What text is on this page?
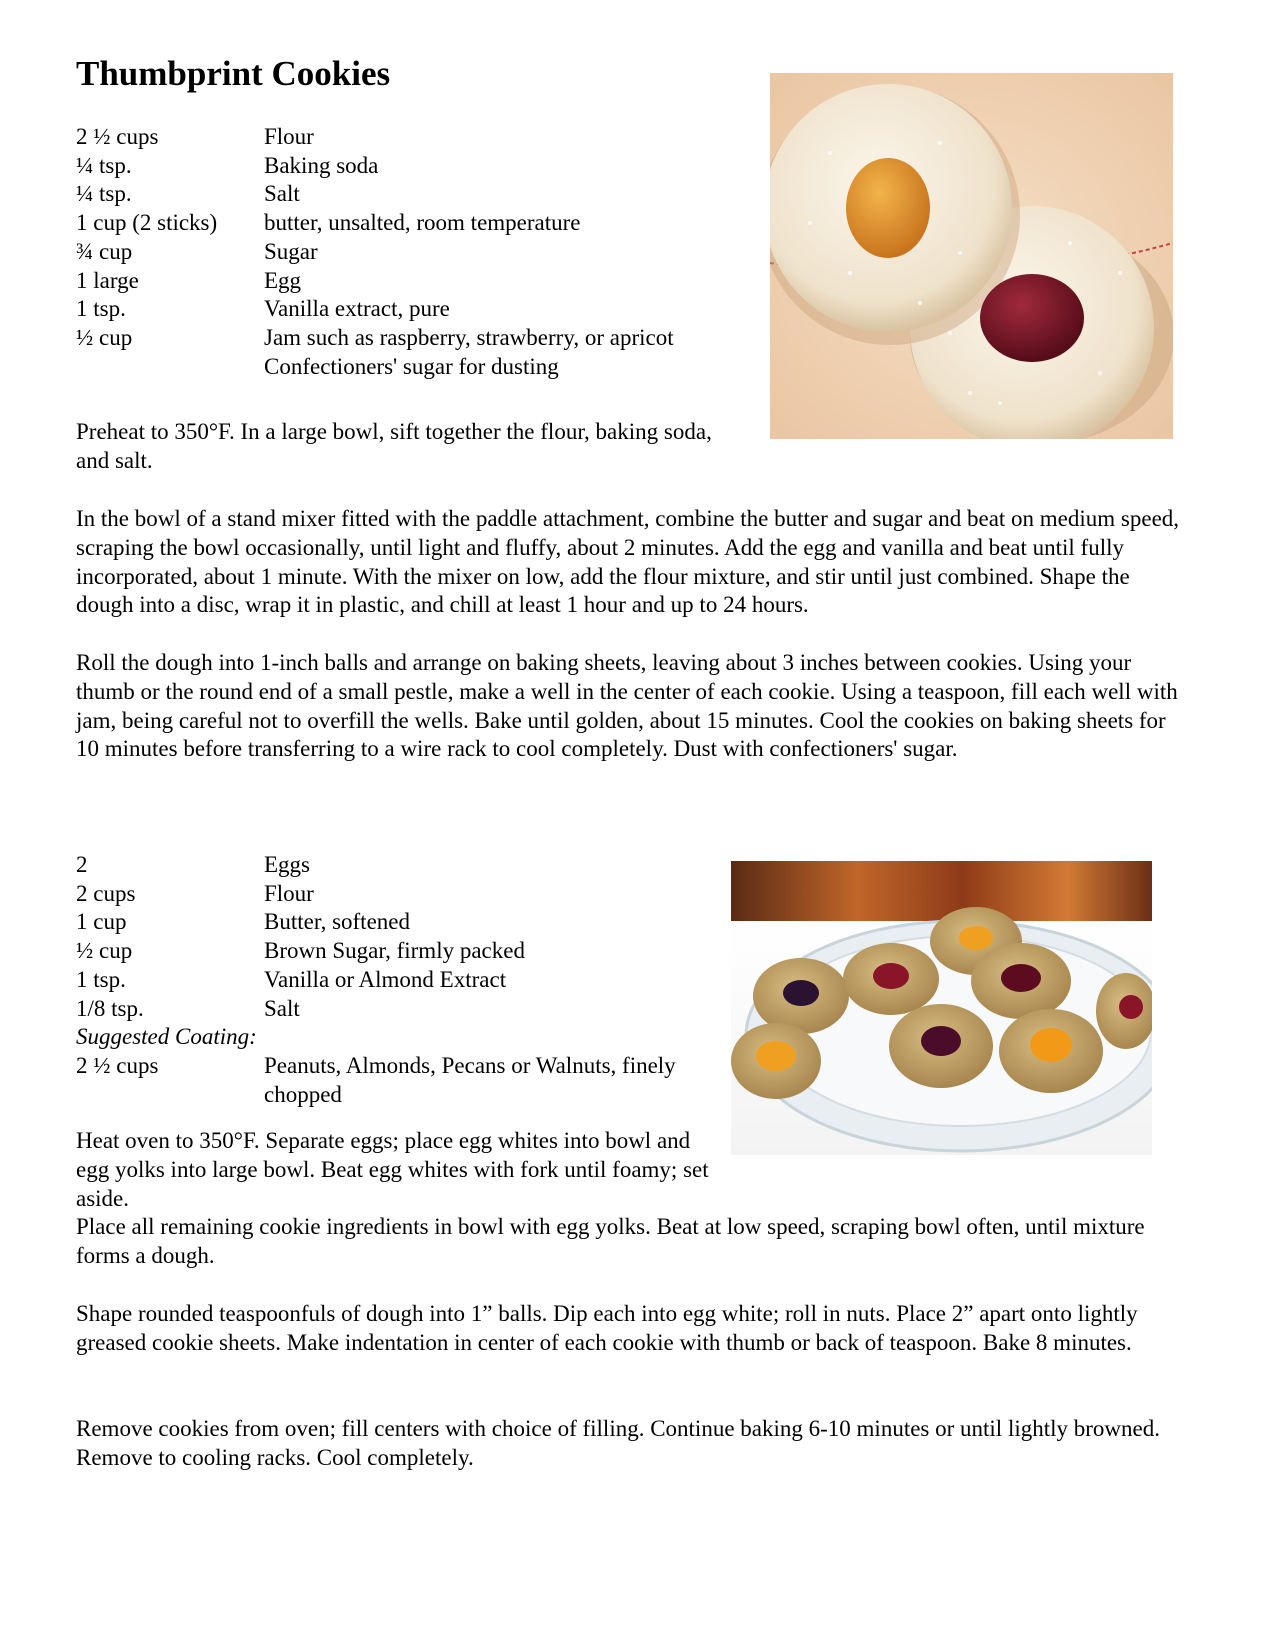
Thumbprint Cookies
2 ½ cups	Flour
¼ tsp.	Baking soda
¼ tsp.	Salt
1 cup (2 sticks)	butter, unsalted, room temperature
¾ cup	Sugar
1 large	Egg
1 tsp.	Vanilla extract, pure
½ cup	Jam such as raspberry, strawberry, or apricot
Confectioners' sugar for dusting

Preheat to 350°F. In a large bowl, sift together the flour, baking soda, and salt.

In the bowl of a stand mixer fitted with the paddle attachment, combine the butter and sugar and beat on medium speed, scraping the bowl occasionally, until light and fluffy, about 2 minutes. Add the egg and vanilla and beat until fully incorporated, about 1 minute. With the mixer on low, add the flour mixture, and stir until just combined. Shape the dough into a disc, wrap it in plastic, and chill at least 1 hour and up to 24 hours.

Roll the dough into 1-inch balls and arrange on baking sheets, leaving about 3 inches between cookies. Using your thumb or the round end of a small pestle, make a well in the center of each cookie. Using a teaspoon, fill each well with jam, being careful not to overfill the wells. Bake until golden, about 15 minutes. Cool the cookies on baking sheets for 10 minutes before transferring to a wire rack to cool completely. Dust with confectioners' sugar.

2	Eggs
2 cups	Flour
1 cup	Butter, softened
½ cup	Brown Sugar, firmly packed
1 tsp.	Vanilla or Almond Extract
1/8 tsp.	Salt
Suggested Coating:
2 ½ cups	Peanuts, Almonds, Pecans or Walnuts, finely chopped

Heat oven to 350°F. Separate eggs; place egg whites into bowl and egg yolks into large bowl. Beat egg whites with fork until foamy; set aside.

Place all remaining cookie ingredients in bowl with egg yolks. Beat at low speed, scraping bowl often, until mixture forms a dough.

Shape rounded teaspoonfuls of dough into 1” balls. Dip each into egg white; roll in nuts. Place 2” apart onto lightly greased cookie sheets. Make indentation in center of each cookie with thumb or back of teaspoon. Bake 8 minutes.

Remove cookies from oven; fill centers with choice of filling. Continue baking 6-10 minutes or until lightly browned. Remove to cooling racks. Cool completely.
